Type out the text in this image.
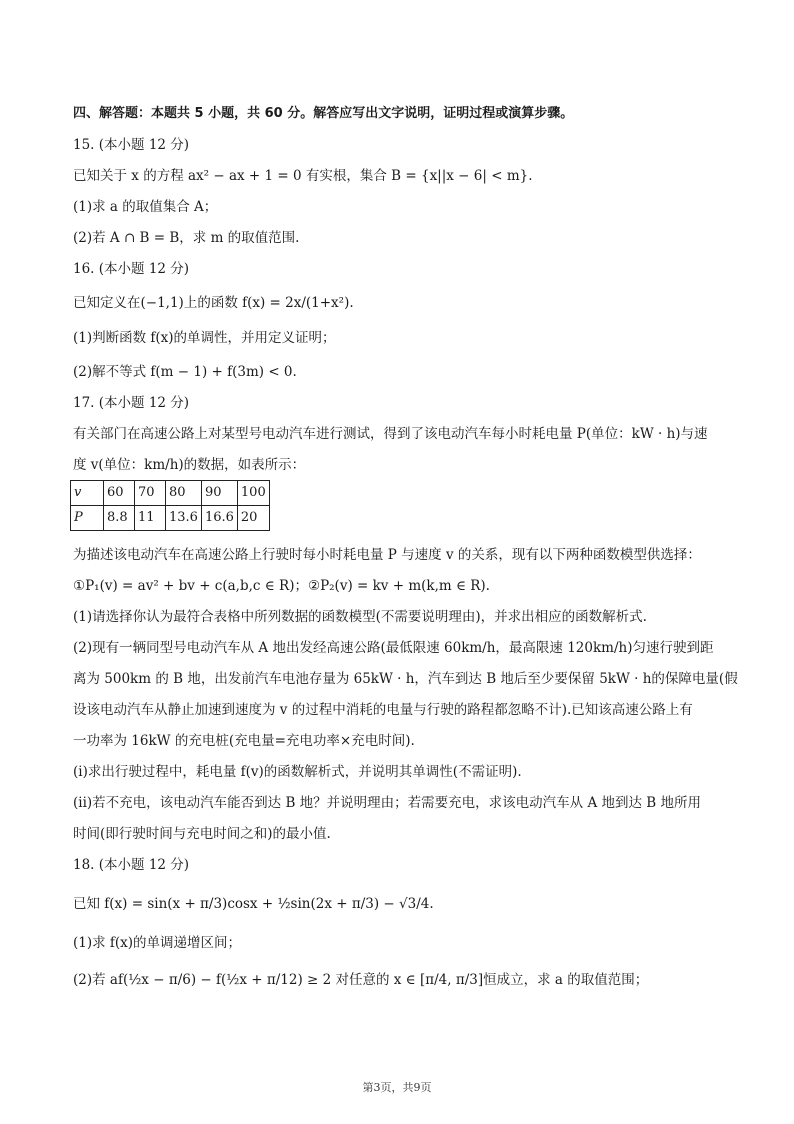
四、解答题：本题共 5 小题，共 60 分。解答应写出文字说明，证明过程或演算步骤。
15. (本小题 12 分)
已知关于 x 的方程 ax² − ax + 1 = 0 有实根，集合 B = {x||x − 6| < m}.
(1)求 a 的取值集合 A；
(2)若 A ∩ B = B，求 m 的取值范围.
16. (本小题 12 分)
已知定义在(−1,1)上的函数 f(x) = 2x/(1+x²).
(1)判断函数 f(x)的单调性，并用定义证明；
(2)解不等式 f(m − 1) + f(3m) < 0.
17. (本小题 12 分)
有关部门在高速公路上对某型号电动汽车进行测试，得到了该电动汽车每小时耗电量 P(单位：kW · h)与速
度 v(单位：km/h)的数据，如表所示：
v	60	70	80	90	100
P	8.8	11	13.6	16.6	20
为描述该电动汽车在高速公路上行驶时每小时耗电量 P 与速度 v 的关系，现有以下两种函数模型供选择：
①P₁(v) = av² + bv + c(a,b,c ∈ R)；②P₂(v) = kv + m(k,m ∈ R).
(1)请选择你认为最符合表格中所列数据的函数模型(不需要说明理由)，并求出相应的函数解析式.
(2)现有一辆同型号电动汽车从 A 地出发经高速公路(最低限速 60km/h，最高限速 120km/h)匀速行驶到距
离为 500km 的 B 地，出发前汽车电池存量为 65kW · h，汽车到达 B 地后至少要保留 5kW · h的保障电量(假
设该电动汽车从静止加速到速度为 v 的过程中消耗的电量与行驶的路程都忽略不计).已知该高速公路上有
一功率为 16kW 的充电桩(充电量=充电功率×充电时间).
(i)求出行驶过程中，耗电量 f(v)的函数解析式，并说明其单调性(不需证明).
(ii)若不充电，该电动汽车能否到达 B 地？并说明理由；若需要充电，求该电动汽车从 A 地到达 B 地所用
时间(即行驶时间与充电时间之和)的最小值.
18. (本小题 12 分)
已知 f(x) = sin(x + π/3)cosx + ½sin(2x + π/3) − √3/4.
(1)求 f(x)的单调递增区间；
(2)若 af(½x − π/6) − f(½x + π/12) ≥ 2 对任意的 x ∈ [π/4, π/3]恒成立，求 a 的取值范围；
第3页，共9页
